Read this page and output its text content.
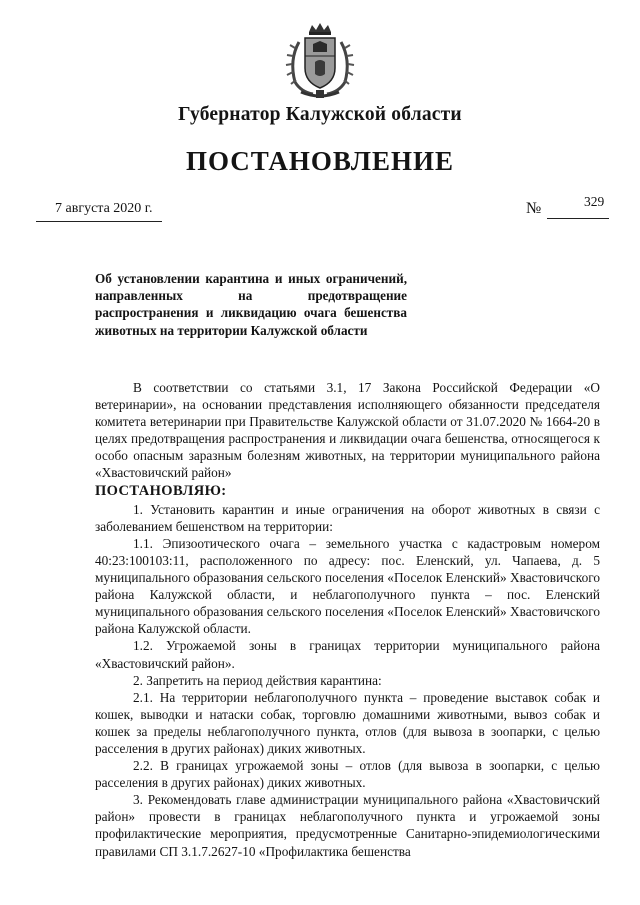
Губернатор Калужской области
ПОСТАНОВЛЕНИЕ
7 августа 2020 г.	№	329
Об установлении карантина и иных ограничений, направленных на предотвращение распространения и ликвидацию очага бешенства животных на территории Калужской области

В соответствии со статьями 3.1, 17 Закона Российской Федерации «О ветеринарии», на основании представления исполняющего обязанности председателя комитета ветеринарии при Правительстве Калужской области от 31.07.2020 № 1664-20 в целях предотвращения распространения и ликвидации очага бешенства, относящегося к особо опасным заразным болезням животных, на территории муниципального района «Хвастовичский район»

ПОСТАНОВЛЯЮ:

1. Установить карантин и иные ограничения на оборот животных в связи с заболеванием бешенством на территории:

1.1. Эпизоотического очага – земельного участка с кадастровым номером 40:23:100103:11, расположенного по адресу: пос. Еленский, ул. Чапаева, д. 5 муниципального образования сельского поселения «Поселок Еленский» Хвастовичского района Калужской области, и неблагополучного пункта – пос. Еленский муниципального образования сельского поселения «Поселок Еленский» Хвастовичского района Калужской области.

1.2. Угрожаемой зоны в границах территории муниципального района «Хвастовичский район».

2. Запретить на период действия карантина:

2.1. На территории неблагополучного пункта – проведение выставок собак и кошек, выводки и натаски собак, торговлю домашними животными, вывоз собак и кошек за пределы неблагополучного пункта, отлов (для вывоза в зоопарки, с целью расселения в других районах) диких животных.

2.2. В границах угрожаемой зоны – отлов (для вывоза в зоопарки, с целью расселения в других районах) диких животных.

3. Рекомендовать главе администрации муниципального района «Хвастовичский район» провести в границах неблагополучного пункта и угрожаемой зоны профилактические мероприятия, предусмотренные Санитарно-эпидемиологическими правилами СП 3.1.7.2627-10 «Профилактика бешенства
